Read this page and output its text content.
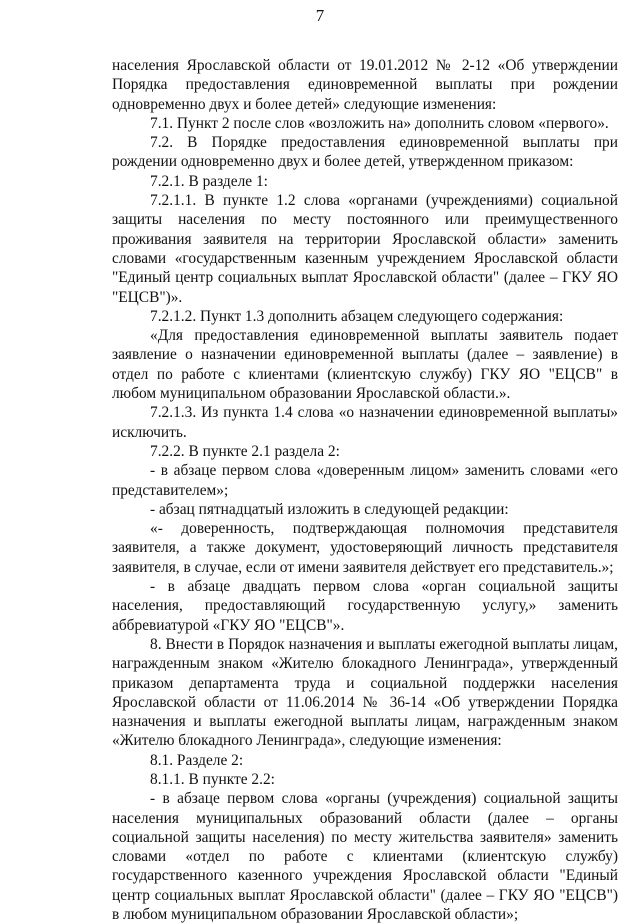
7

населения Ярославской области от 19.01.2012 № 2-12 «Об утверждении Порядка предоставления единовременной выплаты при рождении одновременно двух и более детей» следующие изменения:

7.1. Пункт 2 после слов «возложить на» дополнить словом «первого».

7.2. В Порядке предоставления единовременной выплаты при рождении одновременно двух и более детей, утвержденном приказом:

7.2.1. В разделе 1:

7.2.1.1. В пункте 1.2 слова «органами (учреждениями) социальной защиты населения по месту постоянного или преимущественного проживания заявителя на территории Ярославской области» заменить словами «государственным казенным учреждением Ярославской области "Единый центр социальных выплат Ярославской области" (далее – ГКУ ЯО "ЕЦСВ")».

7.2.1.2. Пункт 1.3 дополнить абзацем следующего содержания:

«Для предоставления единовременной выплаты заявитель подает заявление о назначении единовременной выплаты (далее – заявление) в отдел по работе с клиентами (клиентскую службу) ГКУ ЯО "ЕЦСВ" в любом муниципальном образовании Ярославской области.».

7.2.1.3. Из пункта 1.4 слова «о назначении единовременной выплаты» исключить.

7.2.2. В пункте 2.1 раздела 2:

- в абзаце первом слова «доверенным лицом» заменить словами «его представителем»;

- абзац пятнадцатый изложить в следующей редакции:

«- доверенность, подтверждающая полномочия представителя заявителя, а также документ, удостоверяющий личность представителя заявителя, в случае, если от имени заявителя действует его представитель.»;

- в абзаце двадцать первом слова «орган социальной защиты населения, предоставляющий государственную услугу,» заменить аббревиатурой «ГКУ ЯО "ЕЦСВ"».

8. Внести в Порядок назначения и выплаты ежегодной выплаты лицам, награжденным знаком «Жителю блокадного Ленинграда», утвержденный приказом департамента труда и социальной поддержки населения Ярославской области от 11.06.2014 № 36-14 «Об утверждении Порядка назначения и выплаты ежегодной выплаты лицам, награжденным знаком «Жителю блокадного Ленинграда», следующие изменения:

8.1. Разделе 2:

8.1.1. В пункте 2.2:

- в абзаце первом слова «органы (учреждения) социальной защиты населения муниципальных образований области (далее – органы социальной защиты населения) по месту жительства заявителя» заменить словами «отдел по работе с клиентами (клиентскую службу) государственного казенного учреждения Ярославской области "Единый центр социальных выплат Ярославской области" (далее – ГКУ ЯО "ЕЦСВ") в любом муниципальном образовании Ярославской области»;
